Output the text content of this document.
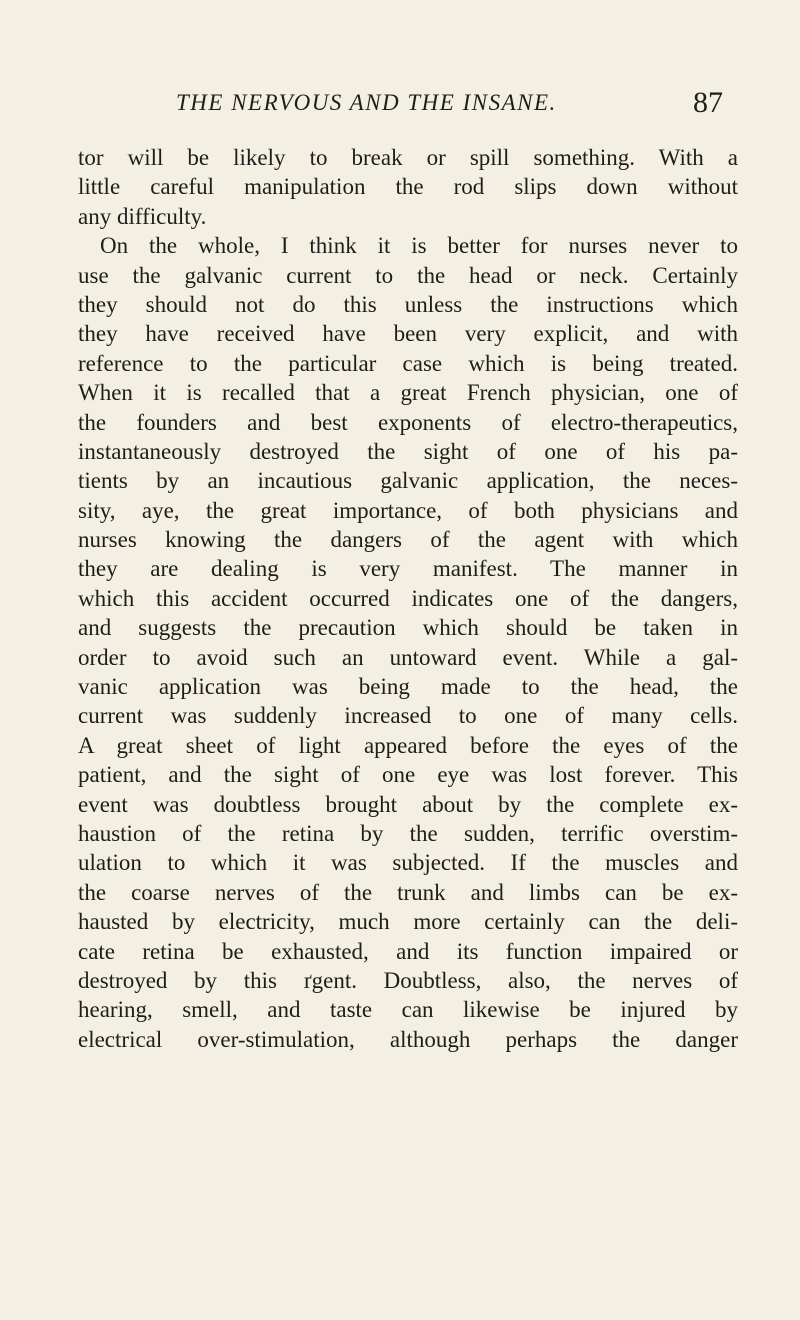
THE NERVOUS AND THE INSANE.	87
tor will be likely to break or spill something. With a
little careful manipulation the rod slips down without
any difficulty.
On the whole, I think it is better for nurses never to
use the galvanic current to the head or neck. Certainly
they should not do this unless the instructions which
they have received have been very explicit, and with
reference to the particular case which is being treated.
When it is recalled that a great French physician, one of
the founders and best exponents of electro-therapeutics,
instantaneously destroyed the sight of one of his pa-
tients by an incautious galvanic application, the neces-
sity, aye, the great importance, of both physicians and
nurses knowing the dangers of the agent with which
they are dealing is very manifest. The manner in
which this accident occurred indicates one of the dangers,
and suggests the precaution which should be taken in
order to avoid such an untoward event. While a gal-
vanic application was being made to the head, the
current was suddenly increased to one of many cells.
A great sheet of light appeared before the eyes of the
patient, and the sight of one eye was lost forever. This
event was doubtless brought about by the complete ex-
haustion of the retina by the sudden, terrific overstim-
ulation to which it was subjected. If the muscles and
the coarse nerves of the trunk and limbs can be ex-
hausted by electricity, much more certainly can the deli-
cate retina be exhausted, and its function impaired or
destroyed by this ґgent. Doubtless, also, the nerves of
hearing, smell, and taste can likewise be injured by
electrical over-stimulation, although perhaps the danger
